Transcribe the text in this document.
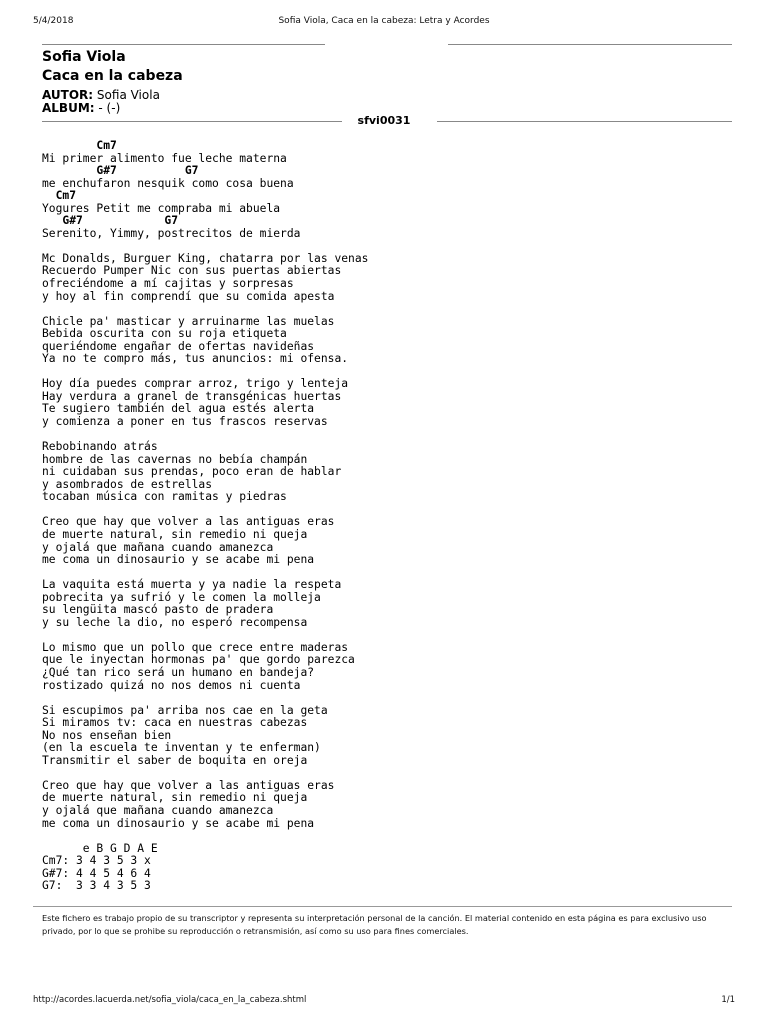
5/4/2018	Sofia Viola, Caca en la cabeza: Letra y Acordes
Sofia Viola
Caca en la cabeza
AUTOR: Sofia Viola
ALBUM: - (-)
sfvi0031
Cm7
Mi primer alimento fue leche materna
G#7          G7
me enchufaron nesquik como cosa buena
Cm7
Yogures Petit me compraba mi abuela
G#7            G7
Serenito, Yimmy, postrecitos de mierda

Mc Donalds, Burguer King, chatarra por las venas
Recuerdo Pumper Nic con sus puertas abiertas
ofreciéndome a mí cajitas y sorpresas
y hoy al fin comprendí que su comida apesta

Chicle pa' masticar y arruinarme las muelas
Bebida oscurita con su roja etiqueta
queriéndome engañar de ofertas navideñas
Ya no te compro más, tus anuncios: mi ofensa.

Hoy día puedes comprar arroz, trigo y lenteja
Hay verdura a granel de transgénicas huertas
Te sugiero también del agua estés alerta
y comienza a poner en tus frascos reservas

Rebobinando atrás
hombre de las cavernas no bebía champán
ni cuidaban sus prendas, poco eran de hablar
y asombrados de estrellas
tocaban música con ramitas y piedras

Creo que hay que volver a las antiguas eras
de muerte natural, sin remedio ni queja
y ojalá que mañana cuando amanezca
me coma un dinosaurio y se acabe mi pena

La vaquita está muerta y ya nadie la respeta
pobrecita ya sufrió y le comen la molleja
su lengüita mascó pasto de pradera
y su leche la dio, no esperó recompensa

Lo mismo que un pollo que crece entre maderas
que le inyectan hormonas pa' que gordo parezca
¿Qué tan rico será un humano en bandeja?
rostizado quizá no nos demos ni cuenta

Si escupimos pa' arriba nos cae en la geta
Si miramos tv: caca en nuestras cabezas
No nos enseñan bien
(en la escuela te inventan y te enferman)
Transmitir el saber de boquita en oreja

Creo que hay que volver a las antiguas eras
de muerte natural, sin remedio ni queja
y ojalá que mañana cuando amanezca
me coma un dinosaurio y se acabe mi pena

e B G D A E
Cm7: 3 4 3 5 3 x
G#7: 4 4 5 4 6 4
G7:  3 3 4 3 5 3

Este fichero es trabajo propio de su transcriptor y representa su interpretación personal de la canción. El material contenido en esta página es para exclusivo uso privado, por lo que se prohibe su reproducción o retransmisión, así como su uso para fines comerciales.
http://acordes.lacuerda.net/sofia_viola/caca_en_la_cabeza.shtml	1/1
